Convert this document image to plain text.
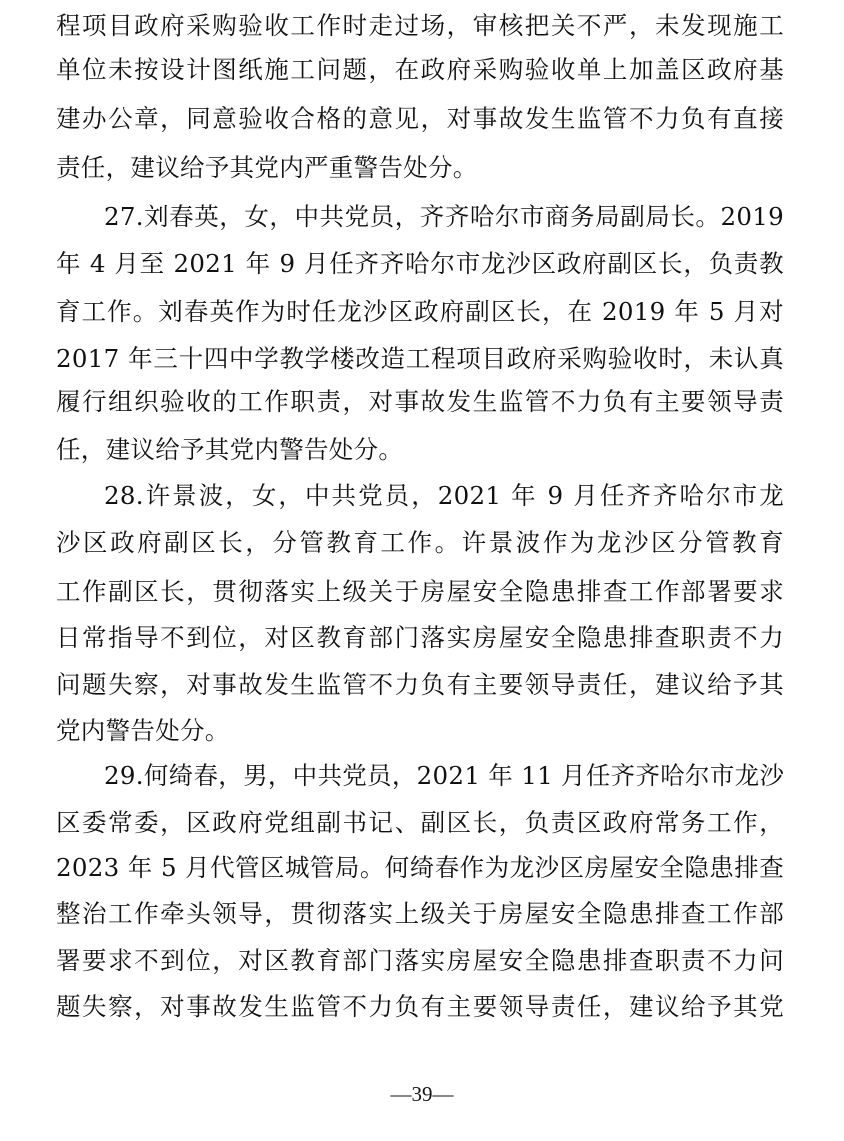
程项目政府采购验收工作时走过场，审核把关不严，未发现施工
单位未按设计图纸施工问题，在政府采购验收单上加盖区政府基
建办公章，同意验收合格的意见，对事故发生监管不力负有直接
责任，建议给予其党内严重警告处分。
27.刘春英，女，中共党员，齐齐哈尔市商务局副局长。2019
年 4 月至 2021 年 9 月任齐齐哈尔市龙沙区政府副区长，负责教
育工作。刘春英作为时任龙沙区政府副区长，在 2019 年 5 月对
2017 年三十四中学教学楼改造工程项目政府采购验收时，未认真
履行组织验收的工作职责，对事故发生监管不力负有主要领导责
任，建议给予其党内警告处分。
28.许景波，女，中共党员，2021 年 9 月任齐齐哈尔市龙
沙区政府副区长，分管教育工作。许景波作为龙沙区分管教育
工作副区长，贯彻落实上级关于房屋安全隐患排查工作部署要求
日常指导不到位，对区教育部门落实房屋安全隐患排查职责不力
问题失察，对事故发生监管不力负有主要领导责任，建议给予其
党内警告处分。
29.何绮春，男，中共党员，2021 年 11 月任齐齐哈尔市龙沙
区委常委，区政府党组副书记、副区长，负责区政府常务工作，
2023 年 5 月代管区城管局。何绮春作为龙沙区房屋安全隐患排查
整治工作牵头领导，贯彻落实上级关于房屋安全隐患排查工作部
署要求不到位，对区教育部门落实房屋安全隐患排查职责不力问
题失察，对事故发生监管不力负有主要领导责任，建议给予其党
—39—
